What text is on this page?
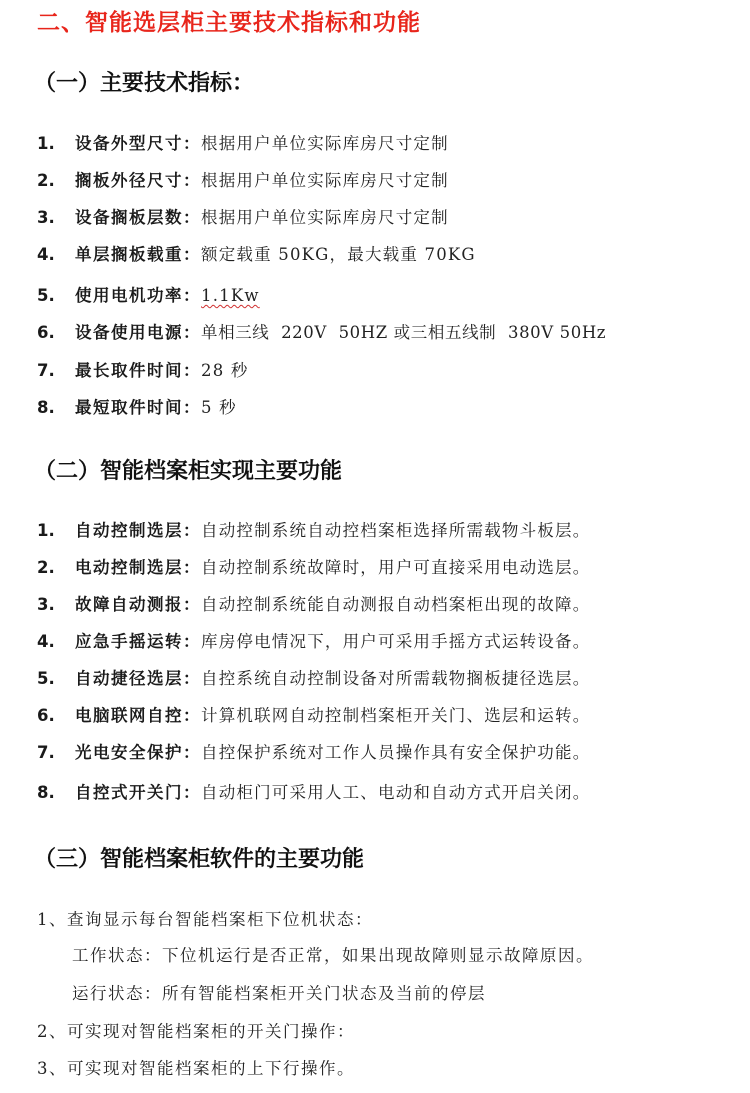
二、智能选层柜主要技术指标和功能
（一）主要技术指标：
1. 设备外型尺寸：根据用户单位实际库房尺寸定制
2. 搁板外径尺寸：根据用户单位实际库房尺寸定制
3. 设备搁板层数：根据用户单位实际库房尺寸定制
4. 单层搁板载重：额定载重 50KG，最大载重 70KG
5. 使用电机功率：1.1Kw
6. 设备使用电源：单相三线  220V  50HZ 或三相五线制  380V 50Hz
7. 最长取件时间：28 秒
8. 最短取件时间：5 秒
（二）智能档案柜实现主要功能
1. 自动控制选层：自动控制系统自动控档案柜选择所需载物斗板层。
2. 电动控制选层：自动控制系统故障时，用户可直接采用电动选层。
3. 故障自动测报：自动控制系统能自动测报自动档案柜出现的故障。
4. 应急手摇运转：库房停电情况下，用户可采用手摇方式运转设备。
5. 自动捷径选层：自控系统自动控制设备对所需载物搁板捷径选层。
6. 电脑联网自控：计算机联网自动控制档案柜开关门、选层和运转。
7. 光电安全保护：自控保护系统对工作人员操作具有安全保护功能。
8. 自控式开关门：自动柜门可采用人工、电动和自动方式开启关闭。
（三）智能档案柜软件的主要功能
1、查询显示每台智能档案柜下位机状态：
工作状态：下位机运行是否正常，如果出现故障则显示故障原因。
运行状态：所有智能档案柜开关门状态及当前的停层
2、可实现对智能档案柜的开关门操作：
3、可实现对智能档案柜的上下行操作。
